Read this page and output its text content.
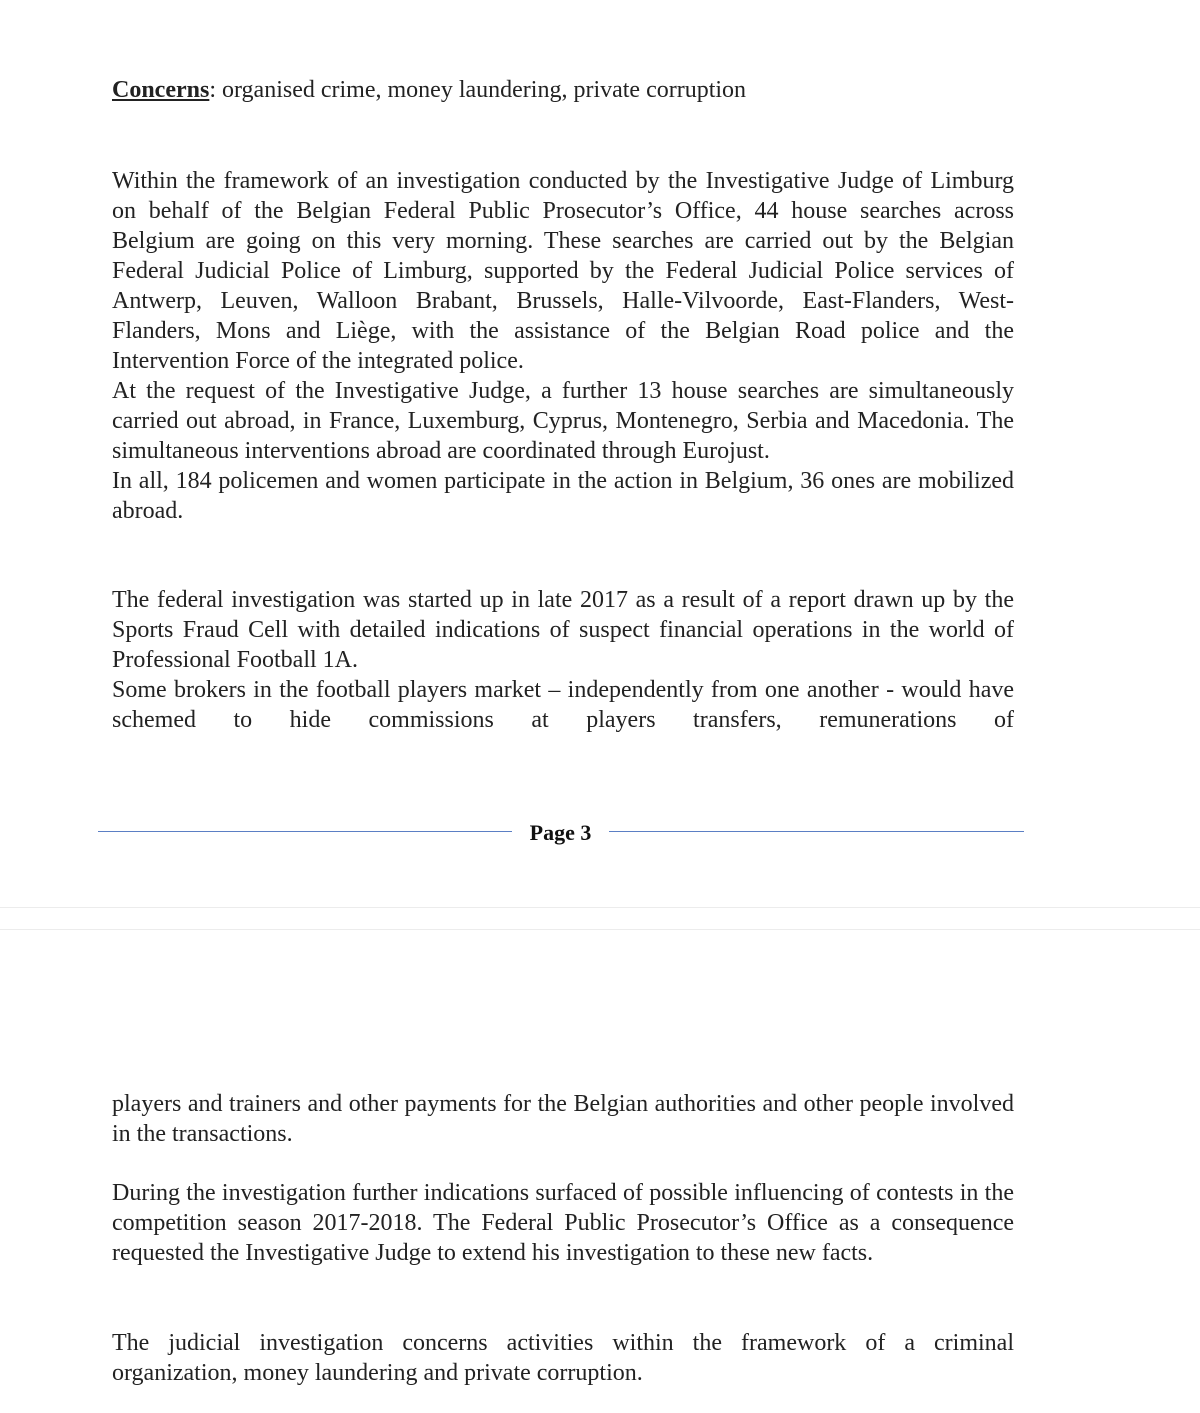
Concerns: organised crime, money laundering, private corruption

Within the framework of an investigation conducted by the Investigative Judge of Limburg on behalf of the Belgian Federal Public Prosecutor’s Office, 44 house searches across Belgium are going on this very morning. These searches are carried out by the Belgian Federal Judicial Police of Limburg, supported by the Federal Judicial Police services of Antwerp, Leuven, Walloon Brabant, Brussels, Halle-Vilvoorde, East-Flanders, West-Flanders, Mons and Liège, with the assistance of the Belgian Road police and the Intervention Force of the integrated police.

At the request of the Investigative Judge, a further 13 house searches are simultaneously carried out abroad, in France, Luxemburg, Cyprus, Montenegro, Serbia and Macedonia. The simultaneous interventions abroad are coordinated through Eurojust.

In all, 184 policemen and women participate in the action in Belgium, 36 ones are mobilized abroad.

The federal investigation was started up in late 2017 as a result of a report drawn up by the Sports Fraud Cell with detailed indications of suspect financial operations in the world of Professional Football 1A.

Some brokers in the football players market – independently from one another - would have schemed to hide commissions at players transfers, remunerations of

Page 3

players and trainers and other payments for the Belgian authorities and other people involved in the transactions.

During the investigation further indications surfaced of possible influencing of contests in the competition season 2017-2018. The Federal Public Prosecutor’s Office as a consequence requested the Investigative Judge to extend his investigation to these new facts.

The judicial investigation concerns activities within the framework of a criminal organization, money laundering and private corruption.
